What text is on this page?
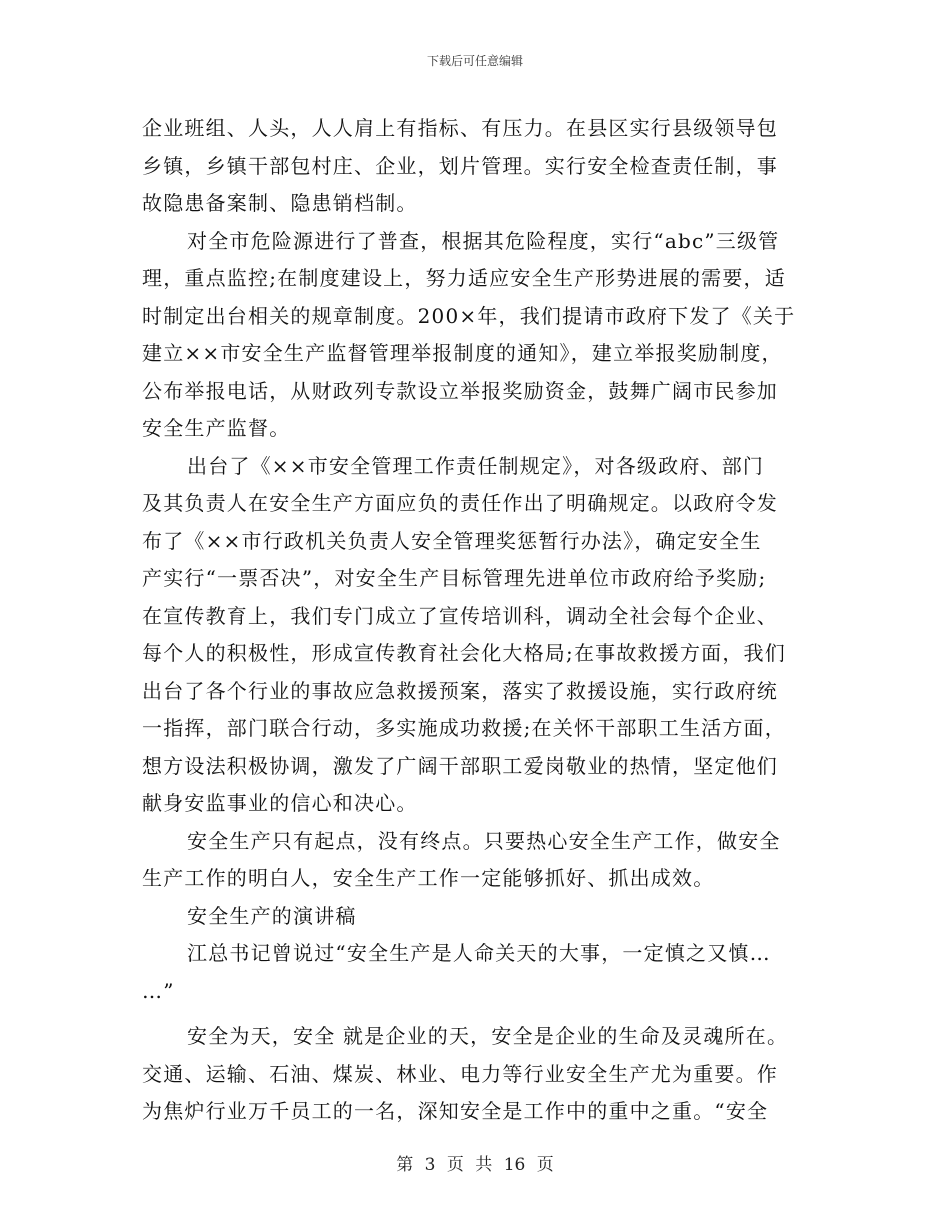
下载后可任意编辑
企业班组、人头，人人肩上有指标、有压力。在县区实行县级领导包
乡镇，乡镇干部包村庄、企业，划片管理。实行安全检查责任制，事
故隐患备案制、隐患销档制。
对全市危险源进行了普查，根据其危险程度，实行“abc”三级管
理，重点监控;在制度建设上，努力适应安全生产形势进展的需要，适
时制定出台相关的规章制度。200×年，我们提请市政府下发了《关于
建立××市安全生产监督管理举报制度的通知》，建立举报奖励制度，
公布举报电话，从财政列专款设立举报奖励资金，鼓舞广阔市民参加
安全生产监督。
出台了《××市安全管理工作责任制规定》，对各级政府、部门
及其负责人在安全生产方面应负的责任作出了明确规定。以政府令发
布了《××市行政机关负责人安全管理奖惩暂行办法》，确定安全生
产实行“一票否决”，对安全生产目标管理先进单位市政府给予奖励;
在宣传教育上，我们专门成立了宣传培训科，调动全社会每个企业、
每个人的积极性，形成宣传教育社会化大格局;在事故救援方面，我们
出台了各个行业的事故应急救援预案，落实了救援设施，实行政府统
一指挥，部门联合行动，多实施成功救援;在关怀干部职工生活方面，
想方设法积极协调，激发了广阔干部职工爱岗敬业的热情，坚定他们
献身安监事业的信心和决心。
安全生产只有起点，没有终点。只要热心安全生产工作，做安全
生产工作的明白人，安全生产工作一定能够抓好、抓出成效。
安全生产的演讲稿
江总书记曾说过“安全生产是人命关天的大事，一定慎之又慎…
…”
安全为天，安全 就是企业的天，安全是企业的生命及灵魂所在。
交通、运输、石油、煤炭、林业、电力等行业安全生产尤为重要。作
为焦炉行业万千员工的一名，深知安全是工作中的重中之重。“安全
第 3 页 共 16 页
